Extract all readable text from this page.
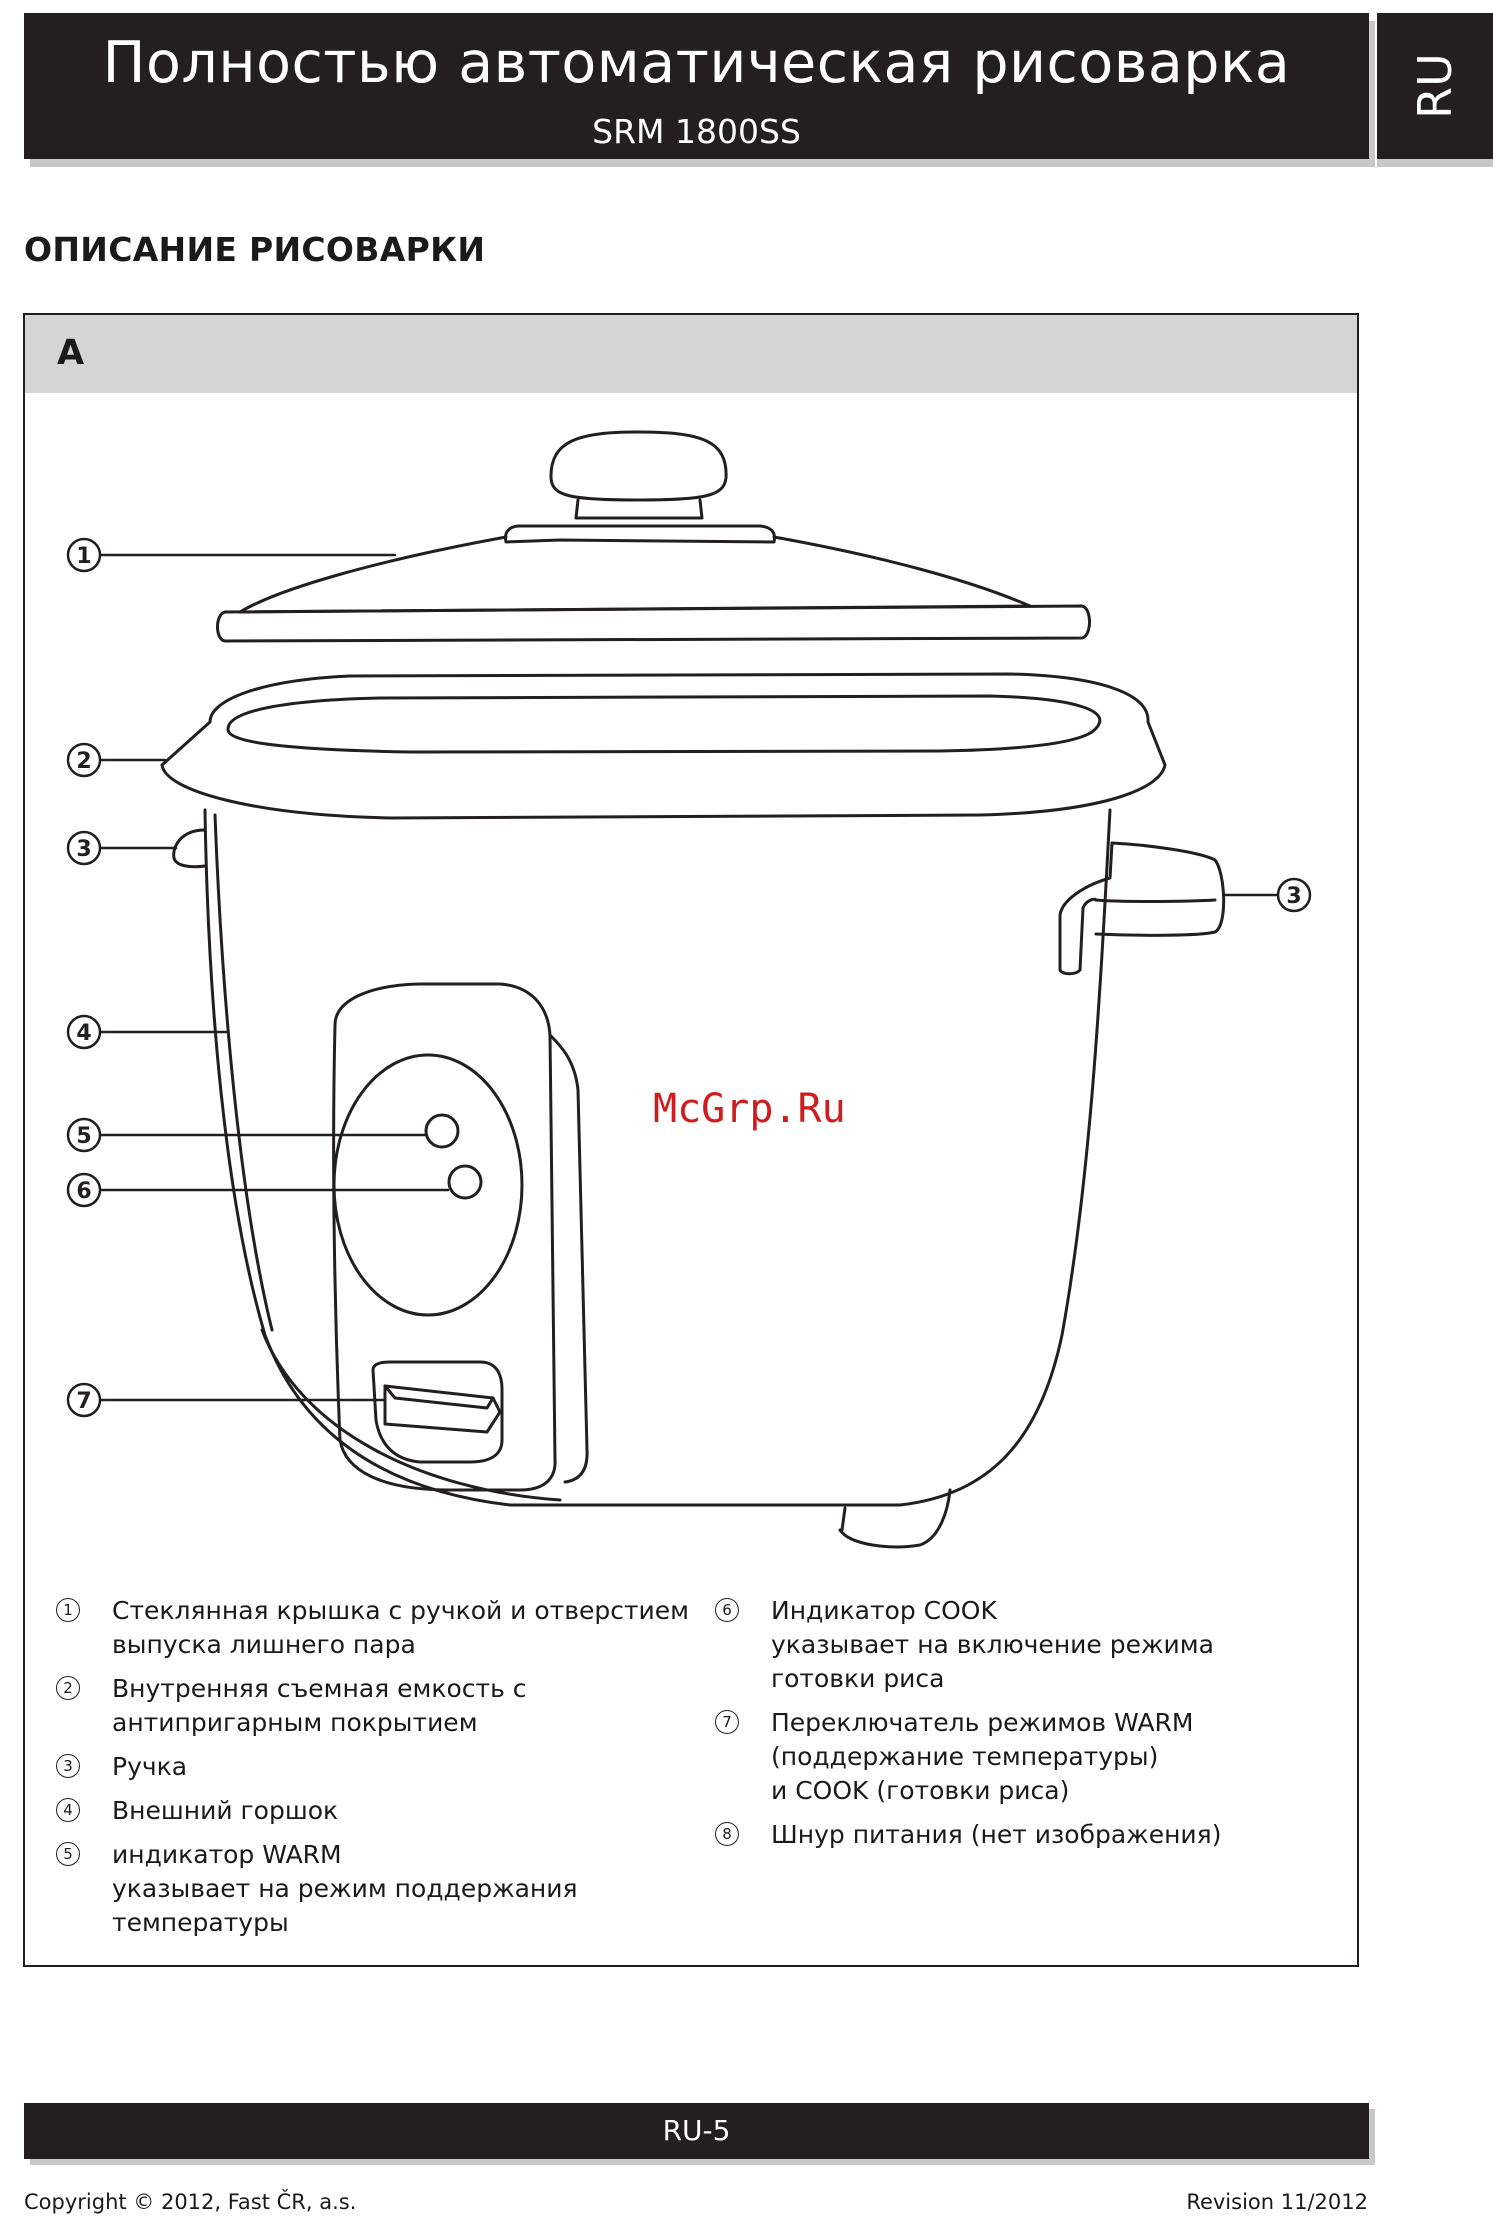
Полностью автоматическая рисоварка
SRM 1800SS
RU
ОПИСАНИЕ РИСОВАРКИ
A
1
2
3
3
4
5
6
7
McGrp.Ru
1 Стеклянная крышка с ручкой и отверстием
выпуска лишнего пара
2 Внутренняя съемная емкость с
антипригарным покрытием
3 Ручка
4 Внешний горшок
5 индикатор WARM
указывает на режим поддержания
температуры
6 Индикатор COOK
указывает на включение режима
готовки риса
7 Переключатель режимов WARM
(поддержание температуры)
и COOK (готовки риса)
8 Шнур питания (нет изображения)
RU-5
Copyright © 2012, Fast ČR, a.s.	Revision 11/2012
